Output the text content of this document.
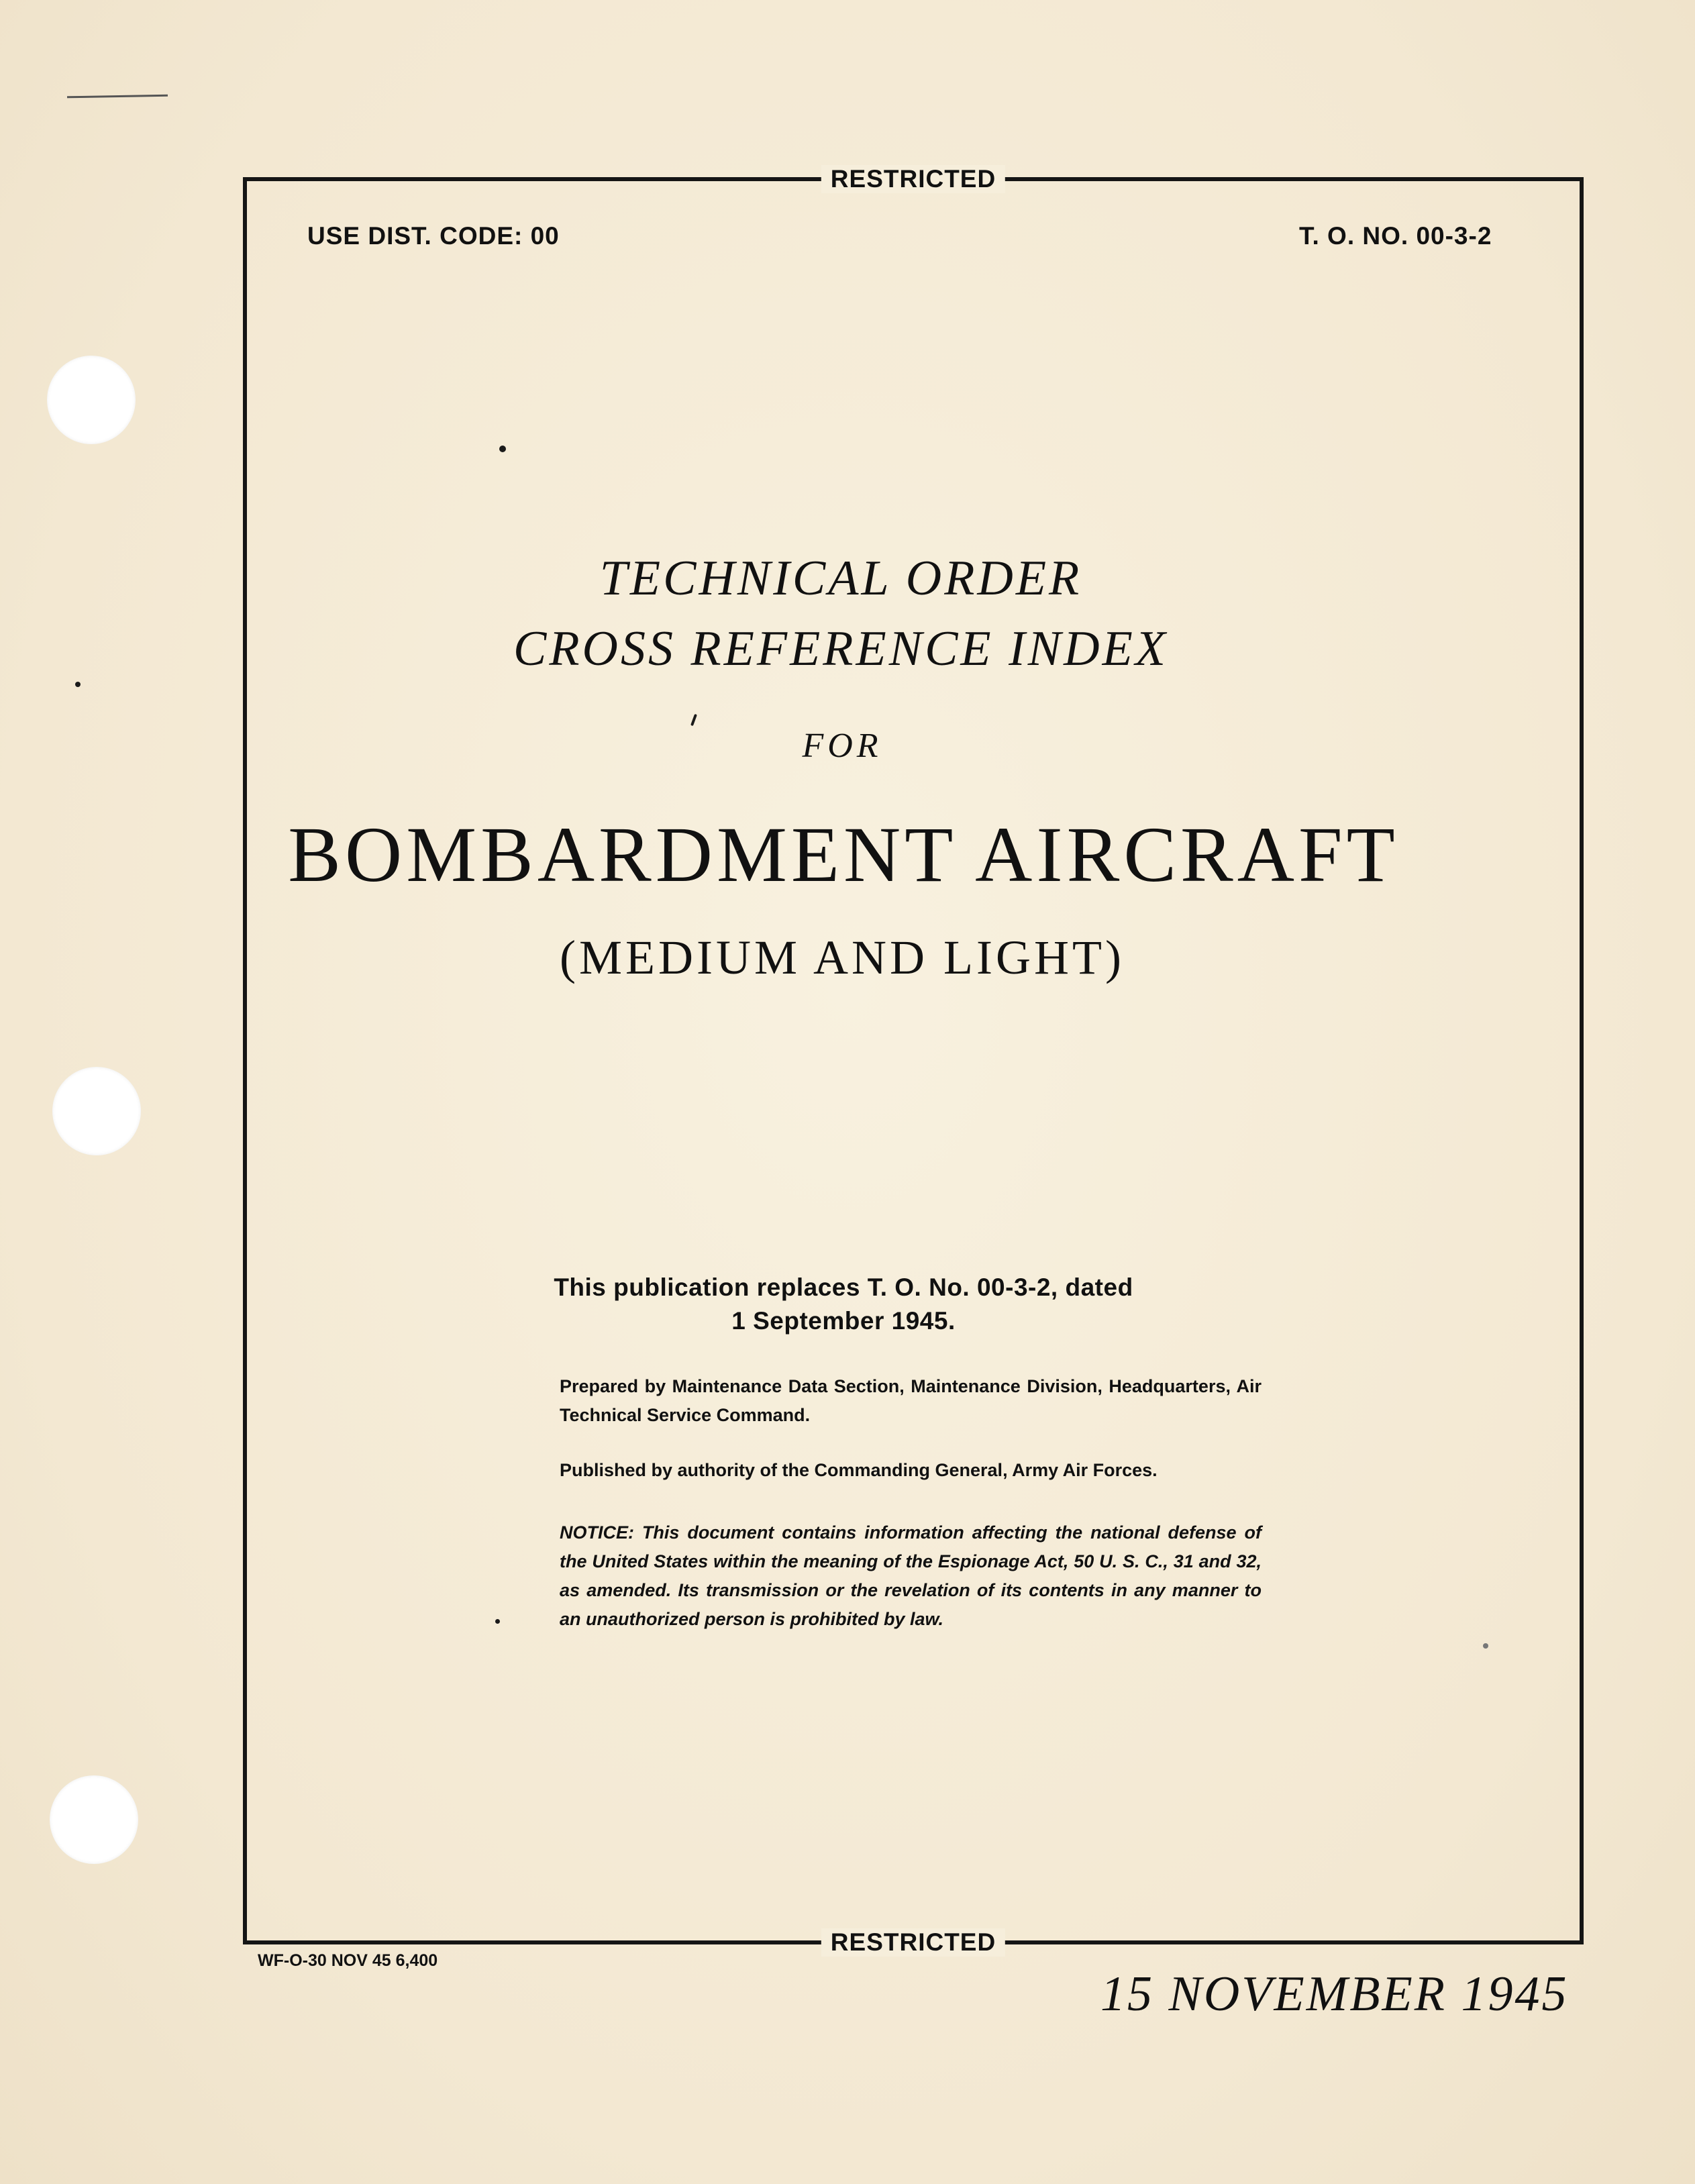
RESTRICTED
RESTRICTED
USE DIST. CODE: 00	T. O. NO. 00-3-2
TECHNICAL ORDER
CROSS REFERENCE INDEX
FOR
BOMBARDMENT AIRCRAFT
(MEDIUM AND LIGHT)
This publication replaces T. O. No. 00-3-2, dated
1 September 1945.
Prepared by Maintenance Data Section, Maintenance Division, Headquarters, Air Technical Service Command.
Published by authority of the Commanding General, Army Air Forces.
NOTICE: This document contains information affecting the national defense of the United States within the meaning of the Espionage Act, 50 U. S. C., 31 and 32, as amended. Its transmission or the revelation of its contents in any manner to an unauthorized person is prohibited by law.
WF-O-30 NOV 45 6,400
15 NOVEMBER 1945
